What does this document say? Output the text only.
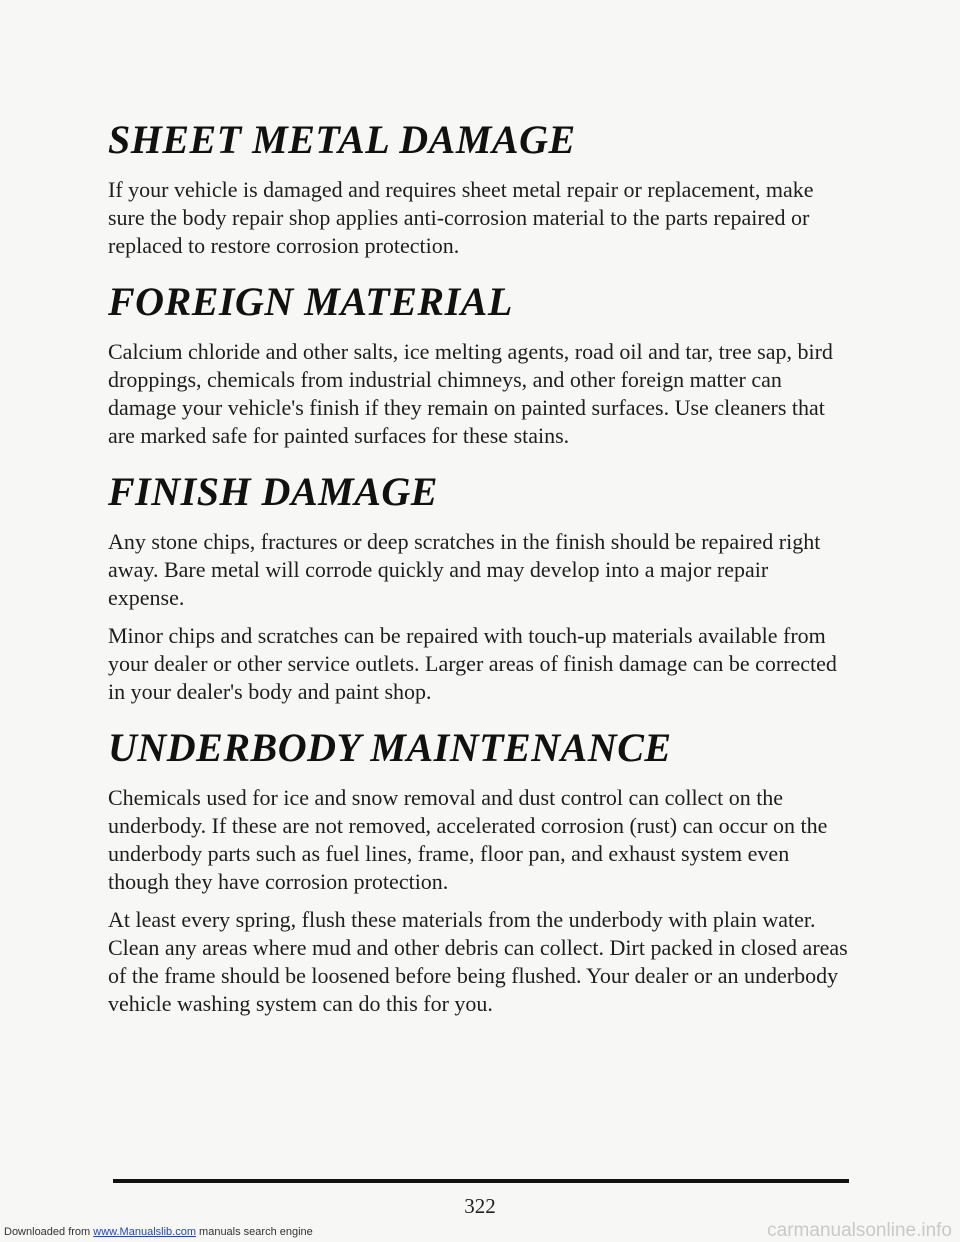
SHEET METAL DAMAGE

If your vehicle is damaged and requires sheet metal repair or replacement, make sure the body repair shop applies anti-corrosion material to the parts repaired or replaced to restore corrosion protection.

FOREIGN MATERIAL

Calcium chloride and other salts, ice melting agents, road oil and tar, tree sap, bird droppings, chemicals from industrial chimneys, and other foreign matter can damage your vehicle's finish if they remain on painted surfaces. Use cleaners that are marked safe for painted surfaces for these stains.

FINISH DAMAGE

Any stone chips, fractures or deep scratches in the finish should be repaired right away. Bare metal will corrode quickly and may develop into a major repair expense.

Minor chips and scratches can be repaired with touch-up materials available from your dealer or other service outlets. Larger areas of finish damage can be corrected in your dealer's body and paint shop.

UNDERBODY MAINTENANCE

Chemicals used for ice and snow removal and dust control can collect on the underbody. If these are not removed, accelerated corrosion (rust) can occur on the underbody parts such as fuel lines, frame, floor pan, and exhaust system even though they have corrosion protection.

At least every spring, flush these materials from the underbody with plain water. Clean any areas where mud and other debris can collect. Dirt packed in closed areas of the frame should be loosened before being flushed. Your dealer or an underbody vehicle washing system can do this for you.

322
Downloaded from www.Manualslib.com manuals search engine	carmanualsonline.info
